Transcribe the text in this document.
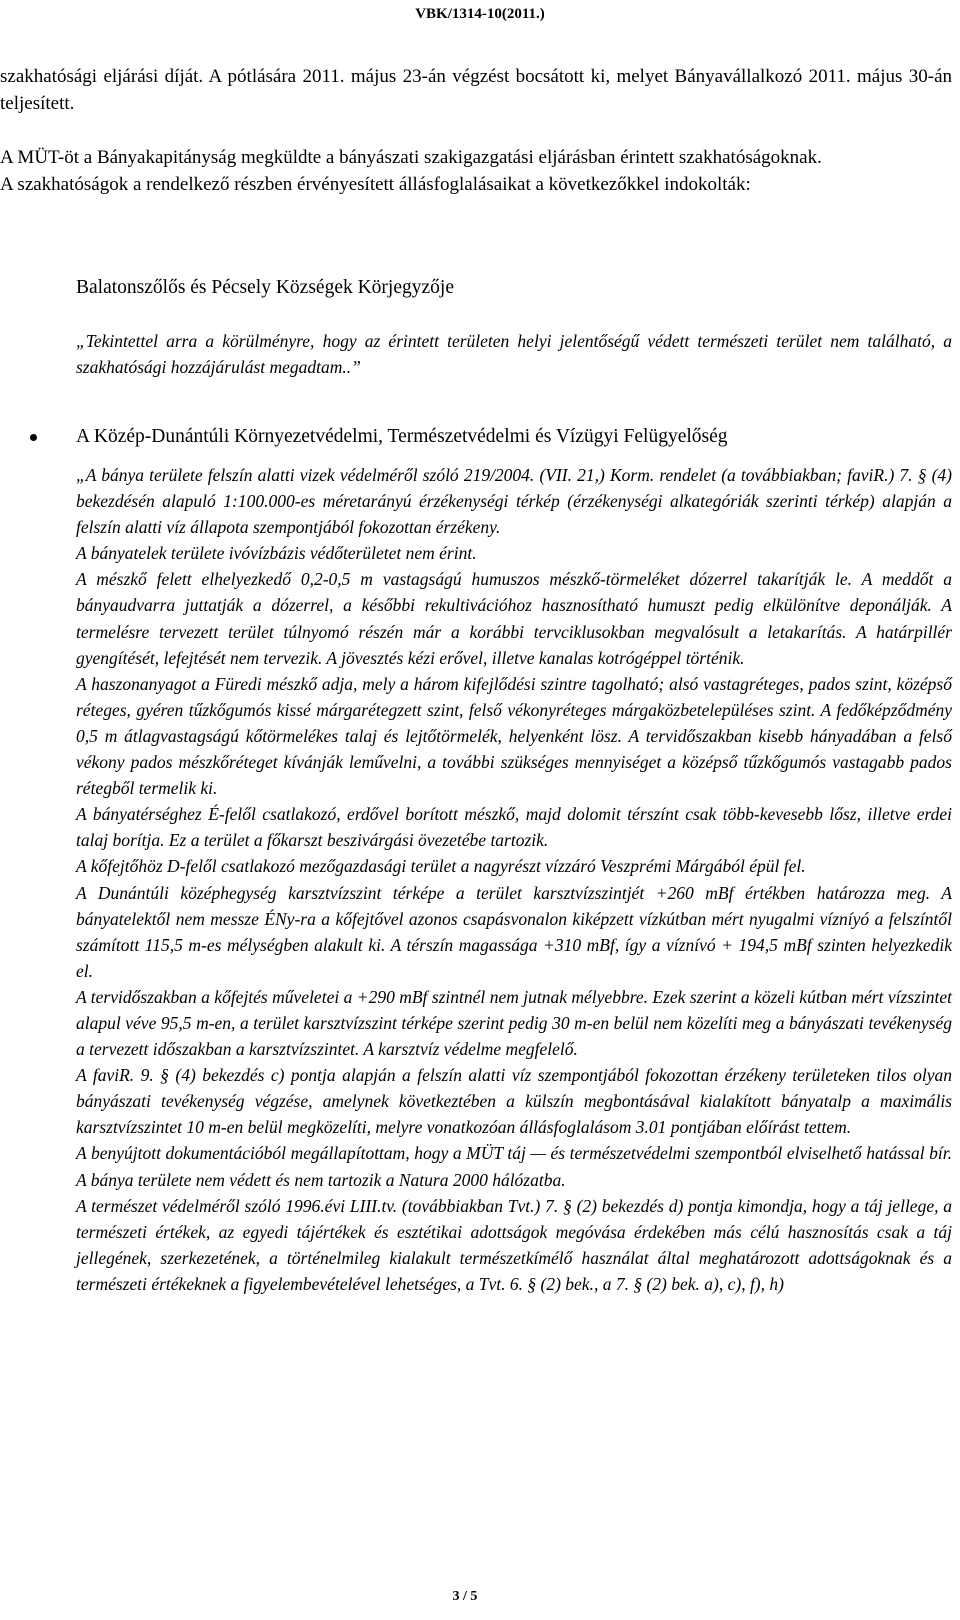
VBK/1314-10(2011.)

szakhatósági eljárási díját. A pótlására 2011. május 23-án végzést bocsátott ki, melyet Bányavállalkozó 2011. május 30-án teljesített.

A MÜT-öt a Bányakapitányság megküldte a bányászati szakigazgatási eljárásban érintett szakhatóságoknak.

A szakhatóságok a rendelkező részben érvényesített állásfoglalásaikat a következőkkel indokolták:

Balatonszőlős és Pécsely Községek Körjegyzője

„Tekintettel arra a körülményre, hogy az érintett területen helyi jelentőségű védett természeti terület nem található, a szakhatósági hozzájárulást megadtam..”

A Közép-Dunántúli Környezetvédelmi, Természetvédelmi és Vízügyi Felügyelőség

„A bánya területe felszín alatti vizek védelméről szóló 219/2004. (VII. 21,) Korm. rendelet (a továbbiakban; faviR.) 7. § (4) bekezdésén alapuló 1:100.000-es méretarányú érzékenységi térkép (érzékenységi alkategóriák szerinti térkép) alapján a felszín alatti víz állapota szempontjából fokozottan érzékeny.

A bányatelek területe ivóvízbázis védőterületet nem érint.

A mészkő felett elhelyezkedő 0,2-0,5 m vastagságú humuszos mészkő-törmeléket dózerrel takarítják le. A meddőt a bányaudvarra juttatják a dózerrel, a későbbi rekultivációhoz hasznosítható humuszt pedig elkülönítve deponálják. A termelésre tervezett terület túlnyomó részén már a korábbi tervciklusokban megvalósult a letakarítás. A határpillér gyengítését, lefejtését nem tervezik. A jövesztés kézi erővel, illetve kanalas kotrógéppel történik.

A haszonanyagot a Füredi mészkő adja, mely a három kifejlődési szintre tagolható; alsó vastagréteges, pados szint, középső réteges, gyéren tűzkőgumós kissé márgarétegzett szint, felső vékonyréteges márgaközbetelepüléses szint. A fedőképződmény 0,5 m átlagvastagságú kőtörmelékes talaj és lejtőtörmelék, helyenként lösz. A tervidőszakban kisebb hányadában a felső vékony pados mészkőréteget kívánják leművelni, a további szükséges mennyiséget a középső tűzkőgumós vastagabb pados rétegből termelik ki.

A bányatérséghez É-felől csatlakozó, erdővel borított mészkő, majd dolomit térszínt csak több-kevesebb lősz, illetve erdei talaj borítja. Ez a terület a főkarszt beszivárgási övezetébe tartozik.

A kőfejtőhöz D-felől csatlakozó mezőgazdasági terület a nagyrészt vízzáró Veszprémi Márgából épül fel.

A Dunántúli középhegység karsztvízszint térképe a terület karsztvízszintjét +260 mBf értékben határozza meg. A bányatelektől nem messze ÉNy-ra a kőfejtővel azonos csapásvonalon kiképzett vízkútban mért nyugalmi vízníyó a felszíntől számított 115,5 m-es mélységben alakult ki. A térszín magassága +310 mBf, így a víznívó + 194,5 mBf szinten helyezkedik el.

A tervidőszakban a kőfejtés műveletei a +290 mBf szintnél nem jutnak mélyebbre. Ezek szerint a közeli kútban mért vízszintet alapul véve 95,5 m-en, a terület karsztvízszint térképe szerint pedig 30 m-en belül nem közelíti meg a bányászati tevékenység a tervezett időszakban a karsztvízszintet. A karsztvíz védelme megfelelő.

A faviR. 9. § (4) bekezdés c) pontja alapján a felszín alatti víz szempontjából fokozottan érzékeny területeken tilos olyan bányászati tevékenység végzése, amelynek következtében a külszín megbontásával kialakított bányatalp a maximális karsztvízszintet 10 m-en belül megközelíti, melyre vonatkozóan állásfoglalásom 3.01 pontjában előírást tettem.

A benyújtott dokumentációból megállapítottam, hogy a MÜT táj — és természetvédelmi szempontból elviselhető hatással bír. A bánya területe nem védett és nem tartozik a Natura 2000 hálózatba.

A természet védelméről szóló 1996.évi LIII.tv. (továbbiakban Tvt.) 7. § (2) bekezdés d) pontja kimondja, hogy a táj jellege, a természeti értékek, az egyedi tájértékek és esztétikai adottságok megóvása érdekében más célú hasznosítás csak a táj jellegének, szerkezetének, a történelmileg kialakult természetkímélő használat által meghatározott adottságoknak és a természeti értékeknek a figyelembevételével lehetséges, a Tvt. 6. § (2) bek., a 7. § (2) bek. a), c), f), h)

3 / 5
